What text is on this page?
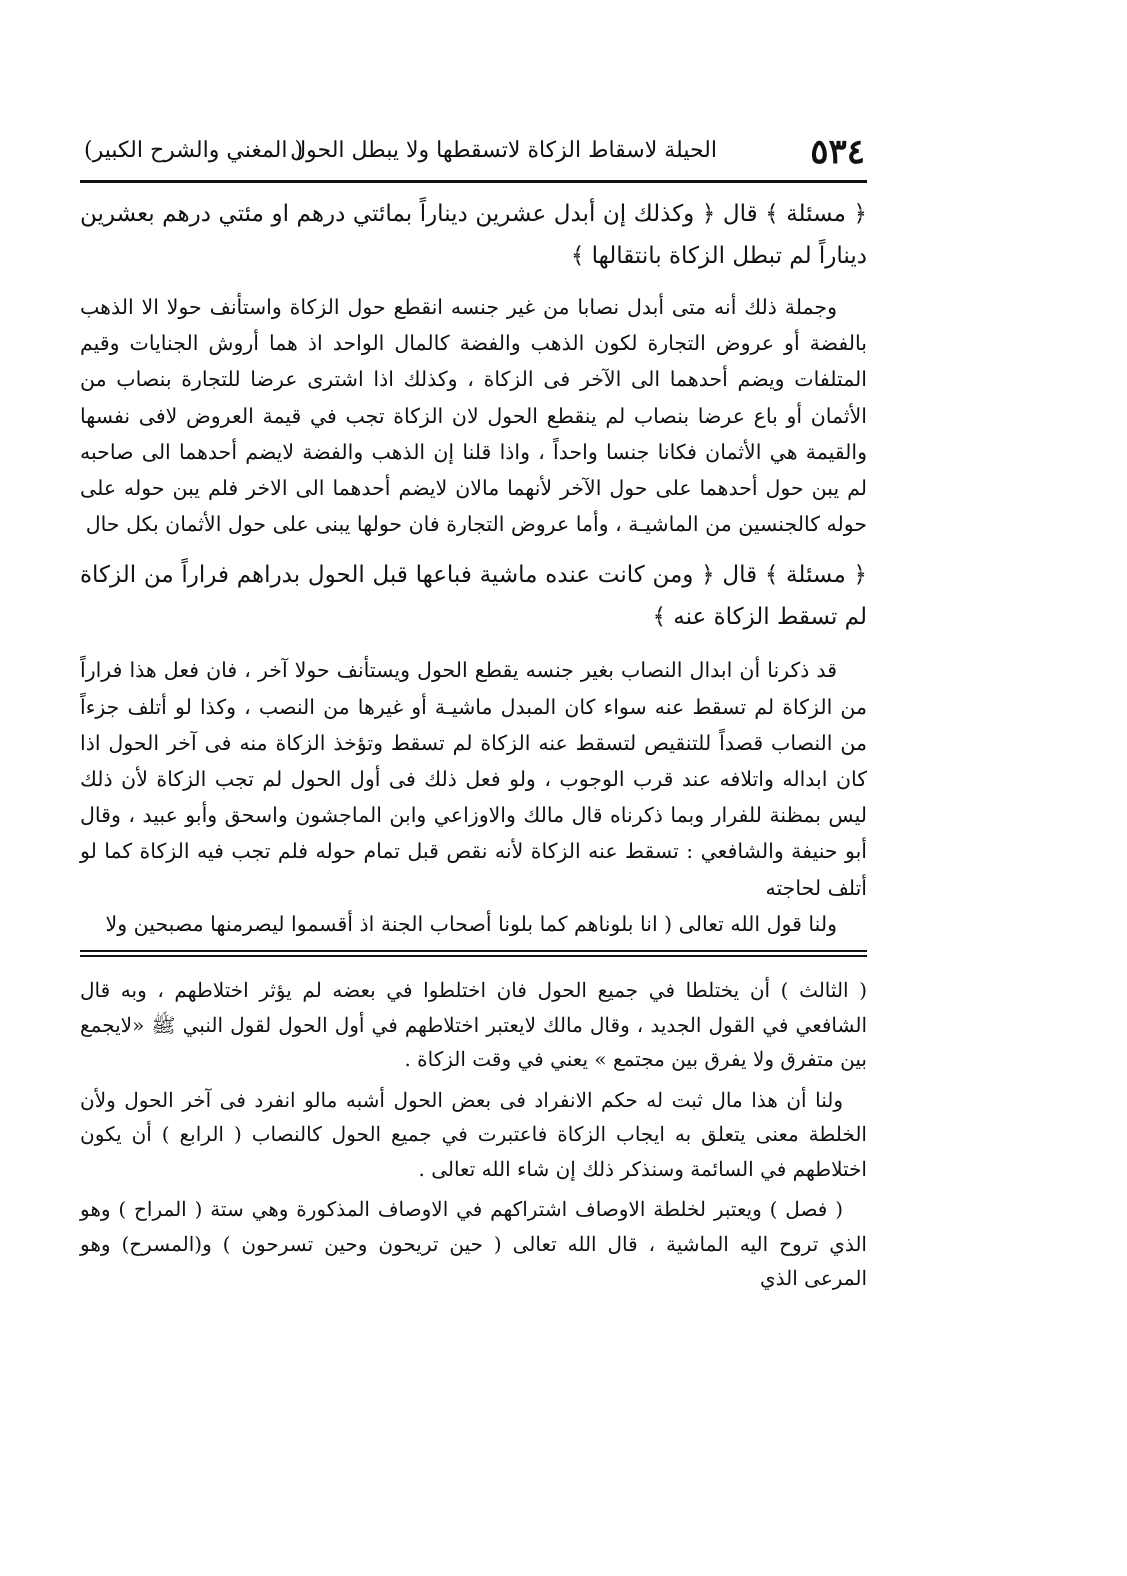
٥٣٤
الحيلة لاسقاط الزكاة لاتسقطها ولا يبطل الحول
( المغني والشرح الكبير)

﴿ مسئلة ﴾ قال ﴿ وكذلك إن أبدل عشرين ديناراً بمائتي درهم او مئتي درهم بعشرين ديناراً لم تبطل الزكاة بانتقالها ﴾

وجملة ذلك أنه متى أبدل نصابا من غير جنسه انقطع حول الزكاة واستأنف حولا الا الذهب بالفضة أو عروض التجارة لكون الذهب والفضة كالمال الواحد اذ هما أروش الجنايات وقيم المتلفات ويضم أحدهما الى الآخر فى الزكاة ، وكذلك اذا اشترى عرضا للتجارة بنصاب من الأثمان أو باع عرضا بنصاب لم ينقطع الحول لان الزكاة تجب في قيمة العروض لافى نفسها والقيمة هي الأثمان فكانا جنسا واحداً ، واذا قلنا إن الذهب والفضة لايضم أحدهما الى صاحبه لم يبن حول أحدهما على حول الآخر لأنهما مالان لايضم أحدهما الى الاخر فلم يبن حوله على حوله كالجنسين من الماشيـة ، وأما عروض التجارة فان حولها يبنى على حول الأثمان بكل حال

﴿ مسئلة ﴾ قال ﴿ ومن كانت عنده ماشية فباعها قبل الحول بدراهم فراراً من الزكاة لم تسقط الزكاة عنه ﴾

قد ذكرنا أن ابدال النصاب بغير جنسه يقطع الحول ويستأنف حولا آخر ، فان فعل هذا فراراً من الزكاة لم تسقط عنه سواء كان المبدل ماشيـة أو غيرها من النصب ، وكذا لو أتلف جزءاً من النصاب قصداً للتنقيص لتسقط عنه الزكاة لم تسقط وتؤخذ الزكاة منه فى آخر الحول اذا كان ابداله واتلافه عند قرب الوجوب ، ولو فعل ذلك فى أول الحول لم تجب الزكاة لأن ذلك ليس بمظنة للفرار وبما ذكرناه قال مالك والاوزاعي وابن الماجشون واسحق وأبو عبيد ، وقال أبو حنيفة والشافعي : تسقط عنه الزكاة لأنه نقص قبل تمام حوله فلم تجب فيه الزكاة كما لو أتلف لحاجته

ولنا قول الله تعالى ( انا بلوناهم كما بلونا أصحاب الجنة اذ أقسموا ليصرمنها مصبحين ولا

( الثالث ) أن يختلطا في جميع الحول فان اختلطوا في بعضه لم يؤثر اختلاطهم ، وبه قال الشافعي في القول الجديد ، وقال مالك لايعتبر اختلاطهم في أول الحول لقول النبي ﷺ «لايجمع بين متفرق ولا يفرق بين مجتمع » يعني في وقت الزكاة .

ولنا أن هذا مال ثبت له حكم الانفراد فى بعض الحول أشبه مالو انفرد فى آخر الحول ولأن الخلطة معنى يتعلق به ايجاب الزكاة فاعتبرت في جميع الحول كالنصاب ( الرابع ) أن يكون اختلاطهم في السائمة وسنذكر ذلك إن شاء الله تعالى .

( فصل ) ويعتبر لخلطة الاوصاف اشتراكهم في الاوصاف المذكورة وهي ستة ( المراح ) وهو الذي تروح اليه الماشية ، قال الله تعالى ( حين تريحون وحين تسرحون ) و(المسرح) وهو المرعى الذي
